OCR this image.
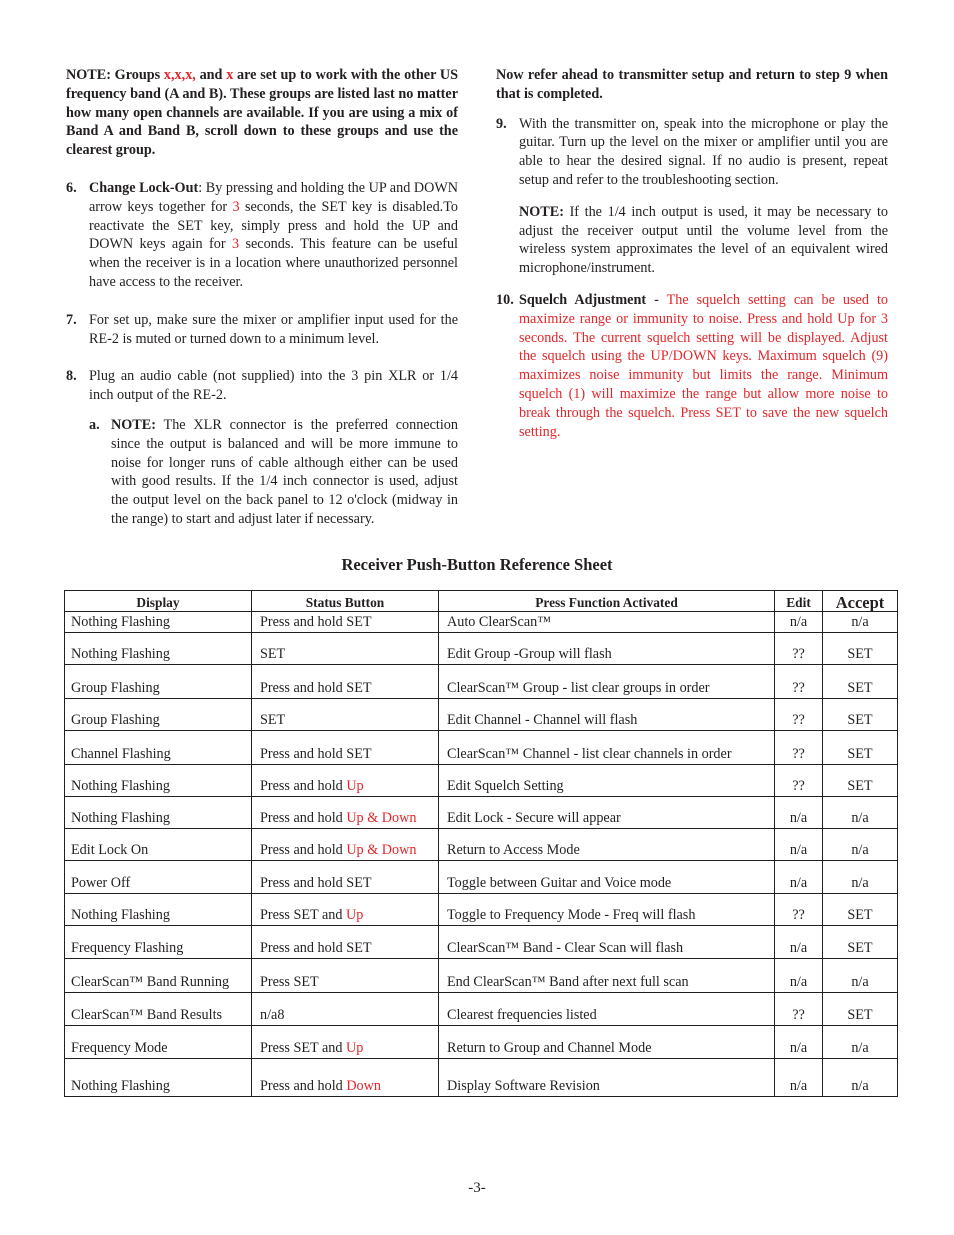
NOTE: Groups x,x,x, and x are set up to work with the other US frequency band (A and B). These groups are listed last no matter how many open channels are available. If you are using a mix of Band A and Band B, scroll down to these groups and use the clearest group.

6. Change Lock-Out: By pressing and holding the UP and DOWN arrow keys together for 3 seconds, the SET key is disabled.To reactivate the SET key, simply press and hold the UP and DOWN keys again for 3 seconds. This feature can be useful when the receiver is in a location where unauthorized personnel have access to the receiver.

7. For set up, make sure the mixer or amplifier input used for the RE-2 is muted or turned down to a minimum level.

8. Plug an audio cable (not supplied) into the 3 pin XLR or 1/4 inch output of the RE-2.

a. NOTE: The XLR connector is the preferred connection since the output is balanced and will be more immune to noise for longer runs of cable although either can be used with good results. If the 1/4 inch connector is used, adjust the output level on the back panel to 12 o'clock (midway in the range) to start and adjust later if necessary.

Now refer ahead to transmitter setup and return to step 9 when that is completed.

9. With the transmitter on, speak into the microphone or play the guitar. Turn up the level on the mixer or amplifier until you are able to hear the desired signal. If no audio is present, repeat setup and refer to the troubleshooting section.

NOTE: If the 1/4 inch output is used, it may be necessary to adjust the receiver output until the volume level from the wireless system approximates the level of an equivalent wired microphone/instrument.

10. Squelch Adjustment - The squelch setting can be used to maximize range or immunity to noise. Press and hold Up for 3 seconds. The current squelch setting will be displayed. Adjust the squelch using the UP/DOWN keys. Maximum squelch (9) maximizes noise immunity but limits the range. Minimum squelch (1) will maximize the range but allow more noise to break through the squelch. Press SET to save the new squelch setting.

Receiver Push-Button Reference Sheet
Display	Status Button	Press Function Activated	Edit	Accept
Nothing Flashing	Press and hold SET	Auto ClearScan™	n/a	n/a
Nothing Flashing	SET	Edit Group -Group will flash	??	SET
Group Flashing	Press and hold SET	ClearScan™ Group - list clear groups in order	??	SET
Group Flashing	SET	Edit Channel - Channel will flash	??	SET
Channel Flashing	Press and hold SET	ClearScan™ Channel - list clear channels in order	??	SET
Nothing Flashing	Press and hold Up	Edit Squelch Setting	??	SET
Nothing Flashing	Press and hold Up & Down	Edit Lock - Secure will appear	n/a	n/a
Edit Lock On	Press and hold Up & Down	Return to Access Mode	n/a	n/a
Power Off	Press and hold SET	Toggle between Guitar and Voice mode	n/a	n/a
Nothing Flashing	Press SET and Up	Toggle to Frequency Mode - Freq will flash	??	SET
Frequency Flashing	Press and hold SET	ClearScan™ Band - Clear Scan will flash	n/a	SET
ClearScan™ Band Running	Press SET	End ClearScan™ Band after next full scan	n/a	n/a
ClearScan™ Band Results	n/a8	Clearest frequencies listed	??	SET
Frequency Mode	Press SET and Up	Return to Group and Channel Mode	n/a	n/a
Nothing Flashing	Press and hold Down	Display Software Revision	n/a	n/a
-3-
